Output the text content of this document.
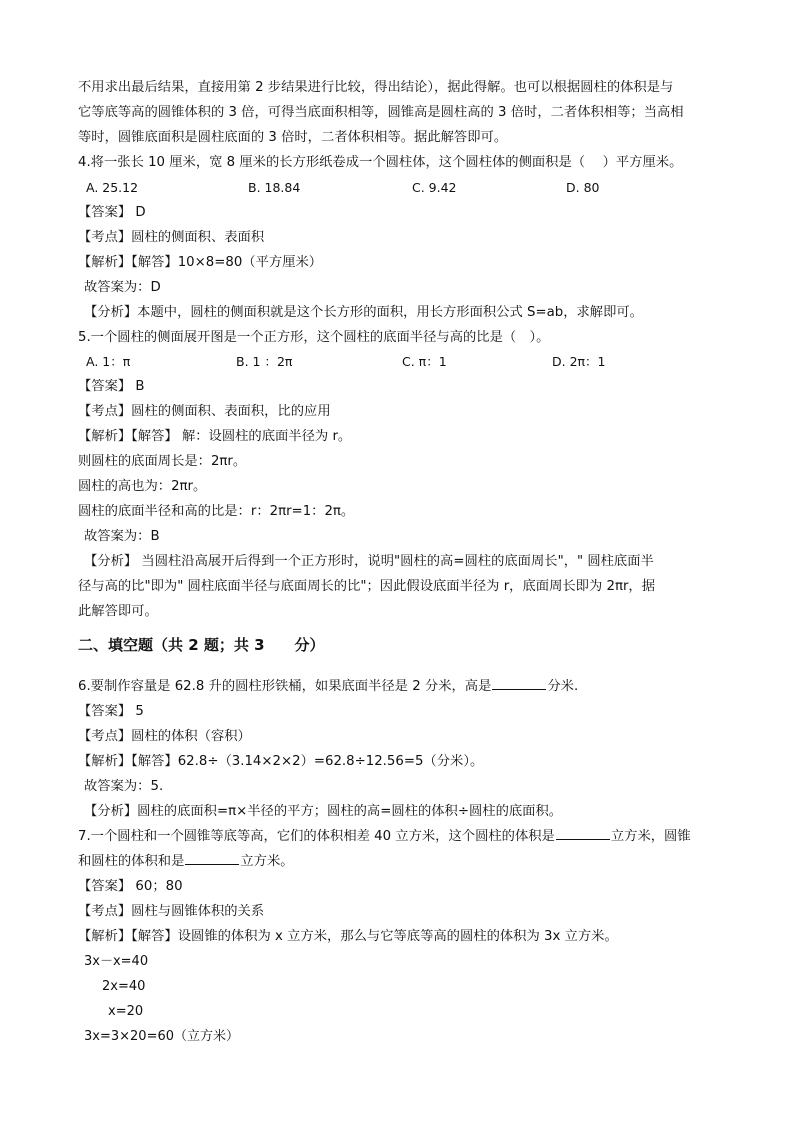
不用求出最后结果，直接用第 2 步结果进行比较，得出结论），据此得解。也可以根据圆柱的体积是与
它等底等高的圆锥体积的 3 倍，可得当底面积相等，圆锥高是圆柱高的 3 倍时，二者体积相等；当高相
等时，圆锥底面积是圆柱底面的 3 倍时，二者体积相等。据此解答即可。
4.将一张长 10 厘米，宽 8 厘米的长方形纸卷成一个圆柱体，这个圆柱体的侧面积是（　 ）平方厘米。
A. 25.12	B. 18.84	C. 9.42	D. 80
【答案】 D
【考点】圆柱的侧面积、表面积
【解析】【解答】10×8=80（平方厘米）
故答案为：D
【分析】本题中，圆柱的侧面积就是这个长方形的面积，用长方形面积公式 S=ab，求解即可。
5.一个圆柱的侧面展开图是一个正方形，这个圆柱的底面半径与高的比是（　）。
A. 1：π	B. 1 ：2π	C. π：1	D. 2π：1
【答案】 B
【考点】圆柱的侧面积、表面积，比的应用
【解析】【解答】 解：设圆柱的底面半径为 r。
则圆柱的底面周长是：2πr。
圆柱的高也为：2πr。
圆柱的底面半径和高的比是：r：2πr=1：2π。
故答案为：B
【分析】 当圆柱沿高展开后得到一个正方形时，说明"圆柱的高=圆柱的底面周长"，" 圆柱底面半
径与高的比"即为" 圆柱底面半径与底面周长的比"；因此假设底面半径为 r，底面周长即为 2πr，据
此解答即可。
二、填空题（共 2 题；共 3　　分）
6.要制作容量是 62.8 升的圆柱形铁桶，如果底面半径是 2 分米，高是	分米.
【答案】 5
【考点】圆柱的体积（容积）
【解析】【解答】62.8÷（3.14×2×2）=62.8÷12.56=5（分米）。
故答案为：5.
【分析】圆柱的底面积=π×半径的平方；圆柱的高=圆柱的体积÷圆柱的底面积。
7.一个圆柱和一个圆锥等底等高，它们的体积相差 40 立方米，这个圆柱的体积是	立方米，圆锥
和圆柱的体积和是	立方米。
【答案】 60；80
【考点】圆柱与圆锥体积的关系
【解析】【解答】设圆锥的体积为 x 立方米，那么与它等底等高的圆柱的体积为 3x 立方米。
3x－x=40
2x=40
x=20
3x=3×20=60（立方米）
